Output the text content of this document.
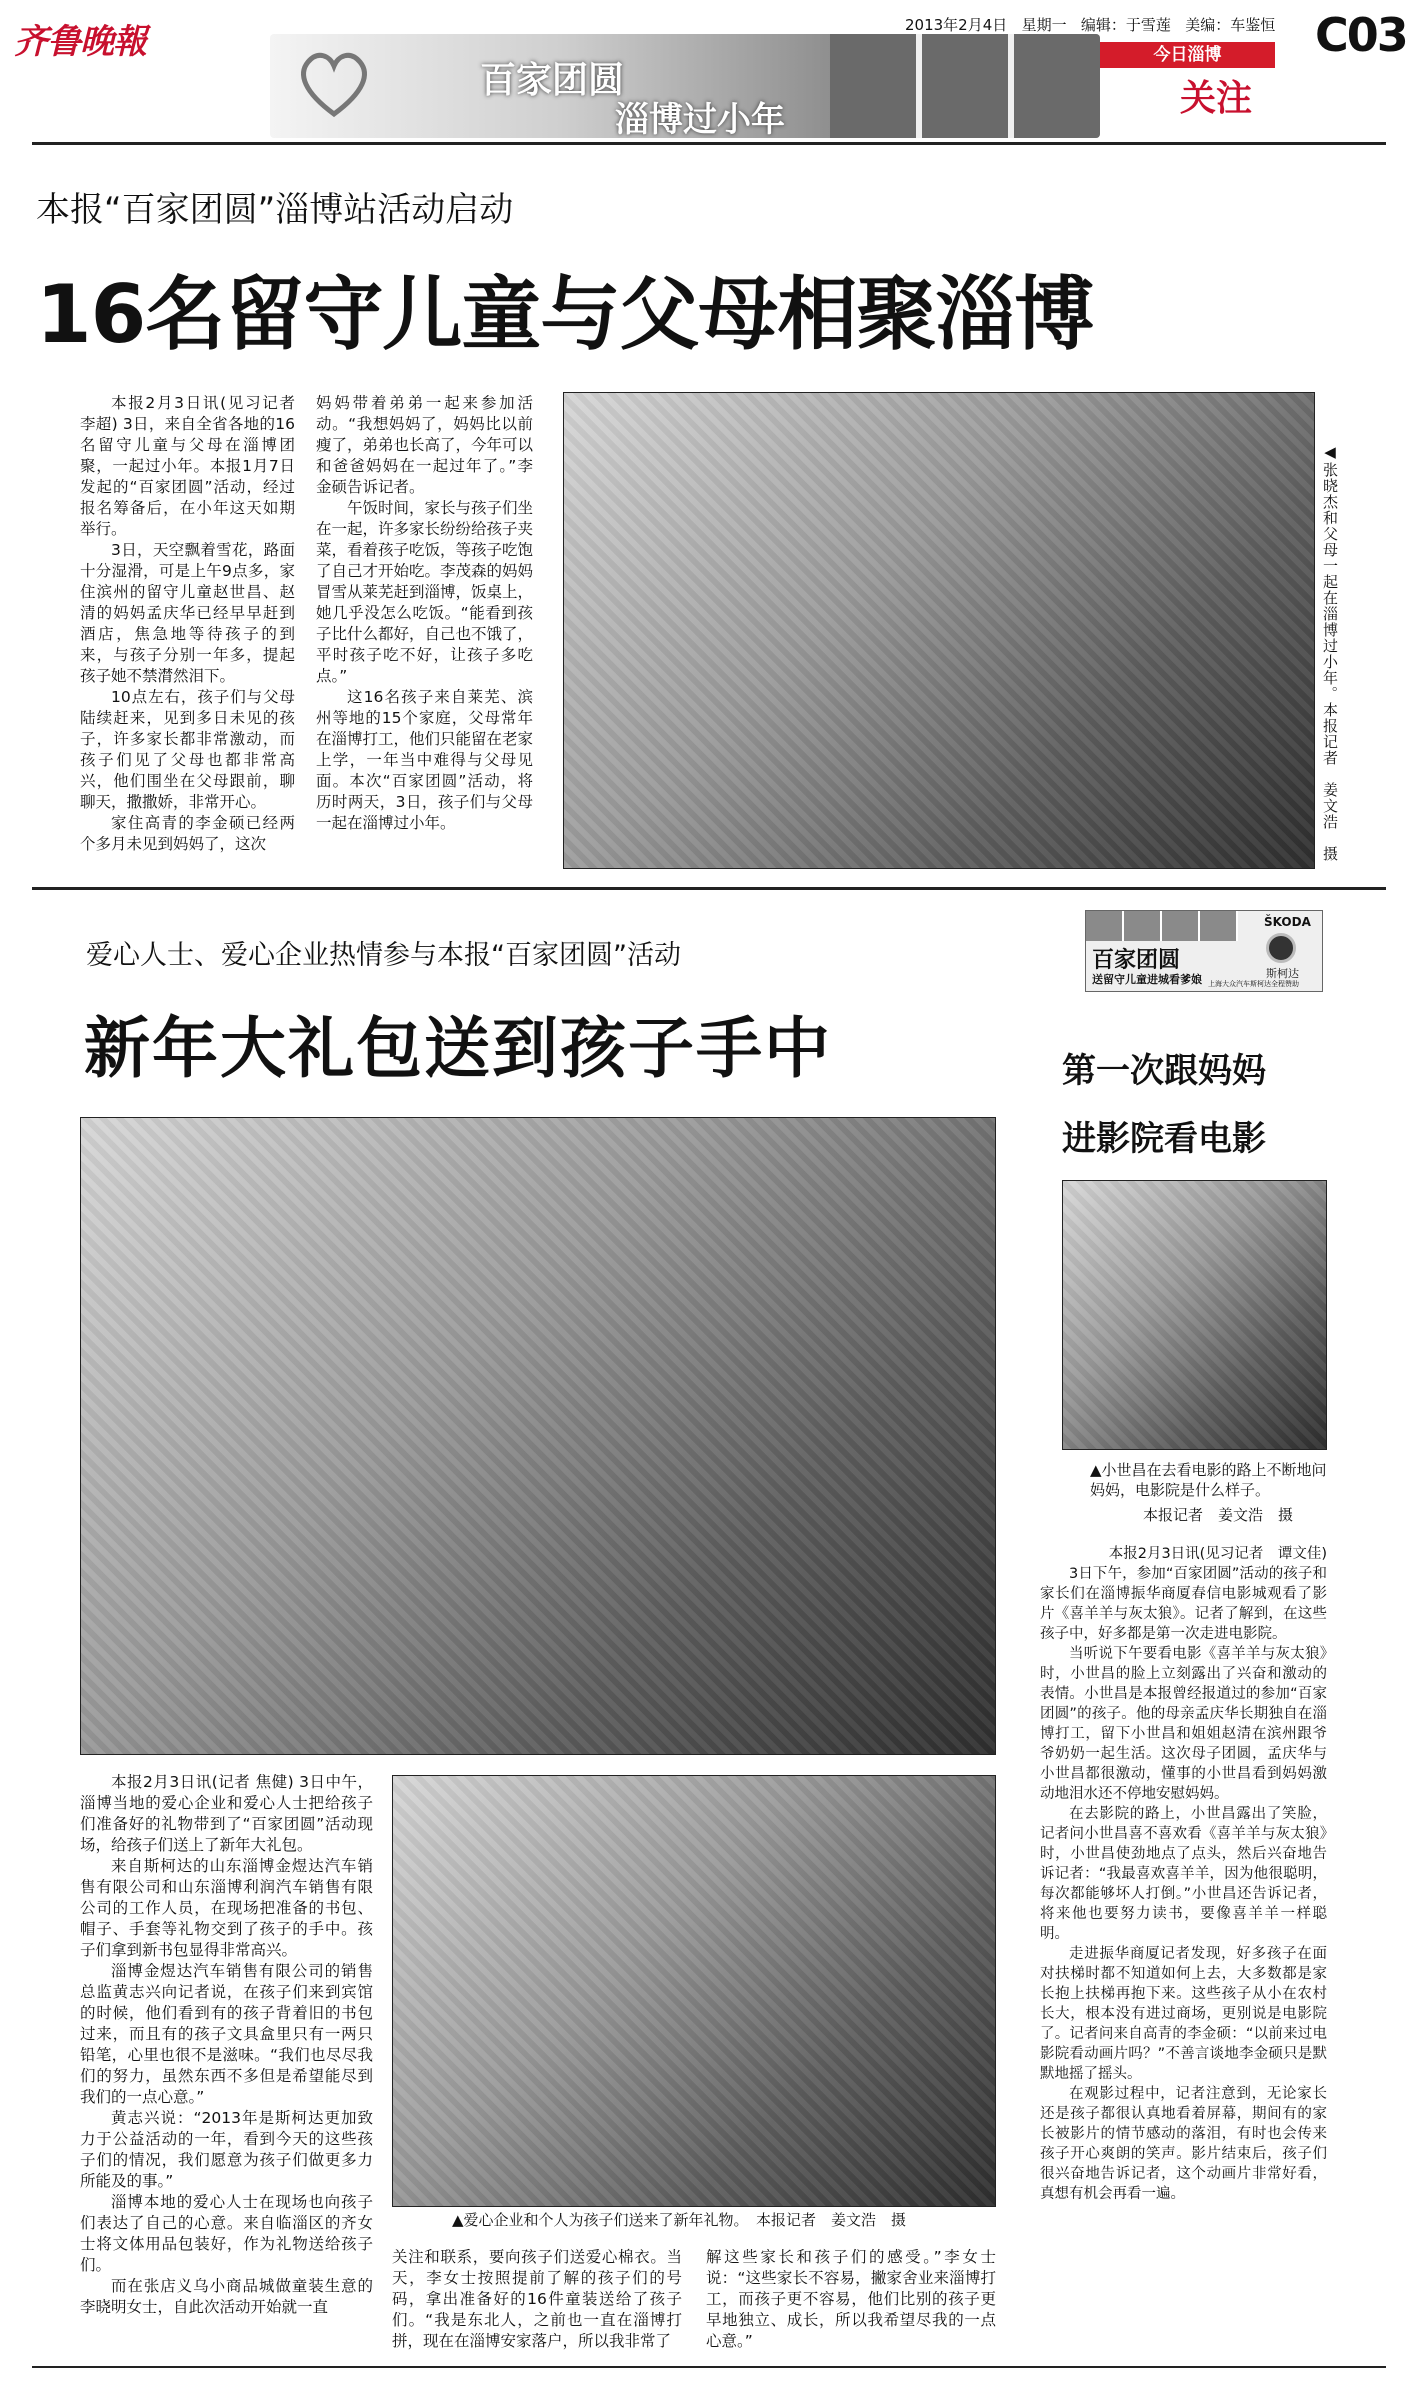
齐鲁晚報
百家团圆
淄博过小年
2013年2月4日 星期一 编辑：于雪莲 美编：车鉴恒 C03
今日淄博
关注
本报“百家团圆”淄博站活动启动
16名留守儿童与父母相聚淄博

本报2月3日讯(见习记者 李超) 3日，来自全省各地的16名留守儿童与父母在淄博团聚，一起过小年。本报1月7日发起的“百家团圆”活动，经过报名筹备后，在小年这天如期举行。

3日，天空飘着雪花，路面十分湿滑，可是上午9点多，家住滨州的留守儿童赵世昌、赵清的妈妈孟庆华已经早早赶到酒店，焦急地等待孩子的到来，与孩子分别一年多，提起孩子她不禁潸然泪下。

10点左右，孩子们与父母陆续赶来，见到多日未见的孩子，许多家长都非常激动，而孩子们见了父母也都非常高兴，他们围坐在父母跟前，聊聊天，撒撒娇，非常开心。

家住高青的李金硕已经两个多月未见到妈妈了，这次

妈妈带着弟弟一起来参加活动。“我想妈妈了，妈妈比以前瘦了，弟弟也长高了，今年可以和爸爸妈妈在一起过年了。”李金硕告诉记者。

午饭时间，家长与孩子们坐在一起，许多家长纷纷给孩子夹菜，看着孩子吃饭，等孩子吃饱了自己才开始吃。李茂森的妈妈冒雪从莱芜赶到淄博，饭桌上，她几乎没怎么吃饭。“能看到孩子比什么都好，自己也不饿了，平时孩子吃不好，让孩子多吃点。”

这16名孩子来自莱芜、滨州等地的15个家庭，父母常年在淄博打工，他们只能留在老家上学，一年当中难得与父母见面。本次“百家团圆”活动，将历时两天，3日，孩子们与父母一起在淄博过小年。	◀张晓杰和父母一起在淄博过小年。本报记者　姜文浩　摄
爱心人士、爱心企业热情参与本报“百家团圆”活动
新年大礼包送到孩子手中

本报2月3日讯(记者 焦健) 3日中午，淄博当地的爱心企业和爱心人士把给孩子们准备好的礼物带到了“百家团圆”活动现场，给孩子们送上了新年大礼包。

来自斯柯达的山东淄博金煜达汽车销售有限公司和山东淄博利润汽车销售有限公司的工作人员，在现场把准备的书包、帽子、手套等礼物交到了孩子的手中。孩子们拿到新书包显得非常高兴。

淄博金煜达汽车销售有限公司的销售总监黄志兴向记者说，在孩子们来到宾馆的时候，他们看到有的孩子背着旧的书包过来，而且有的孩子文具盒里只有一两只铅笔，心里也很不是滋味。“我们也尽尽我们的努力，虽然东西不多但是希望能尽到我们的一点心意。”

黄志兴说：“2013年是斯柯达更加致力于公益活动的一年，看到今天的这些孩子们的情况，我们愿意为孩子们做更多力所能及的事。”

淄博本地的爱心人士在现场也向孩子们表达了自己的心意。来自临淄区的齐女士将文体用品包装好，作为礼物送给孩子们。

而在张店义乌小商品城做童装生意的李晓明女士，自此次活动开始就一直

▲爱心企业和个人为孩子们送来了新年礼物。　本报记者　姜文浩　摄

关注和联系，要向孩子们送爱心棉衣。当天，李女士按照提前了解的孩子们的号码，拿出准备好的16件童装送给了孩子们。“我是东北人，之前也一直在淄博打拼，现在在淄博安家落户，所以我非常了

解这些家长和孩子们的感受。”李女士说：“这些家长不容易，撇家舍业来淄博打工，而孩子更不容易，他们比别的孩子更早地独立、成长，所以我希望尽我的一点心意。”

百家团圆
送留守儿童进城看爹娘
ŠKODA
斯柯达
上海大众汽车斯柯达全程赞助
第一次跟妈妈
进影院看电影
▲小世昌在去看电影的路上不断地问妈妈，电影院是什么样子。
本报记者　姜文浩　摄

本报2月3日讯(见习记者　谭文佳)

3日下午，参加“百家团圆”活动的孩子和家长们在淄博振华商厦春信电影城观看了影片《喜羊羊与灰太狼》。记者了解到，在这些孩子中，好多都是第一次走进电影院。

当听说下午要看电影《喜羊羊与灰太狼》时，小世昌的脸上立刻露出了兴奋和激动的表情。小世昌是本报曾经报道过的参加“百家团圆”的孩子。他的母亲孟庆华长期独自在淄博打工，留下小世昌和姐姐赵清在滨州跟爷爷奶奶一起生活。这次母子团圆，孟庆华与小世昌都很激动，懂事的小世昌看到妈妈激动地泪水还不停地安慰妈妈。

在去影院的路上，小世昌露出了笑脸，记者问小世昌喜不喜欢看《喜羊羊与灰太狼》时，小世昌使劲地点了点头，然后兴奋地告诉记者：“我最喜欢喜羊羊，因为他很聪明，每次都能够坏人打倒。”小世昌还告诉记者，将来他也要努力读书，要像喜羊羊一样聪明。

走进振华商厦记者发现，好多孩子在面对扶梯时都不知道如何上去，大多数都是家长抱上扶梯再抱下来。这些孩子从小在农村长大，根本没有进过商场，更别说是电影院了。记者问来自高青的李金硕：“以前来过电影院看动画片吗？”不善言谈地李金硕只是默默地摇了摇头。

在观影过程中，记者注意到，无论家长还是孩子都很认真地看着屏幕，期间有的家长被影片的情节感动的落泪，有时也会传来孩子开心爽朗的笑声。影片结束后，孩子们很兴奋地告诉记者，这个动画片非常好看，真想有机会再看一遍。
